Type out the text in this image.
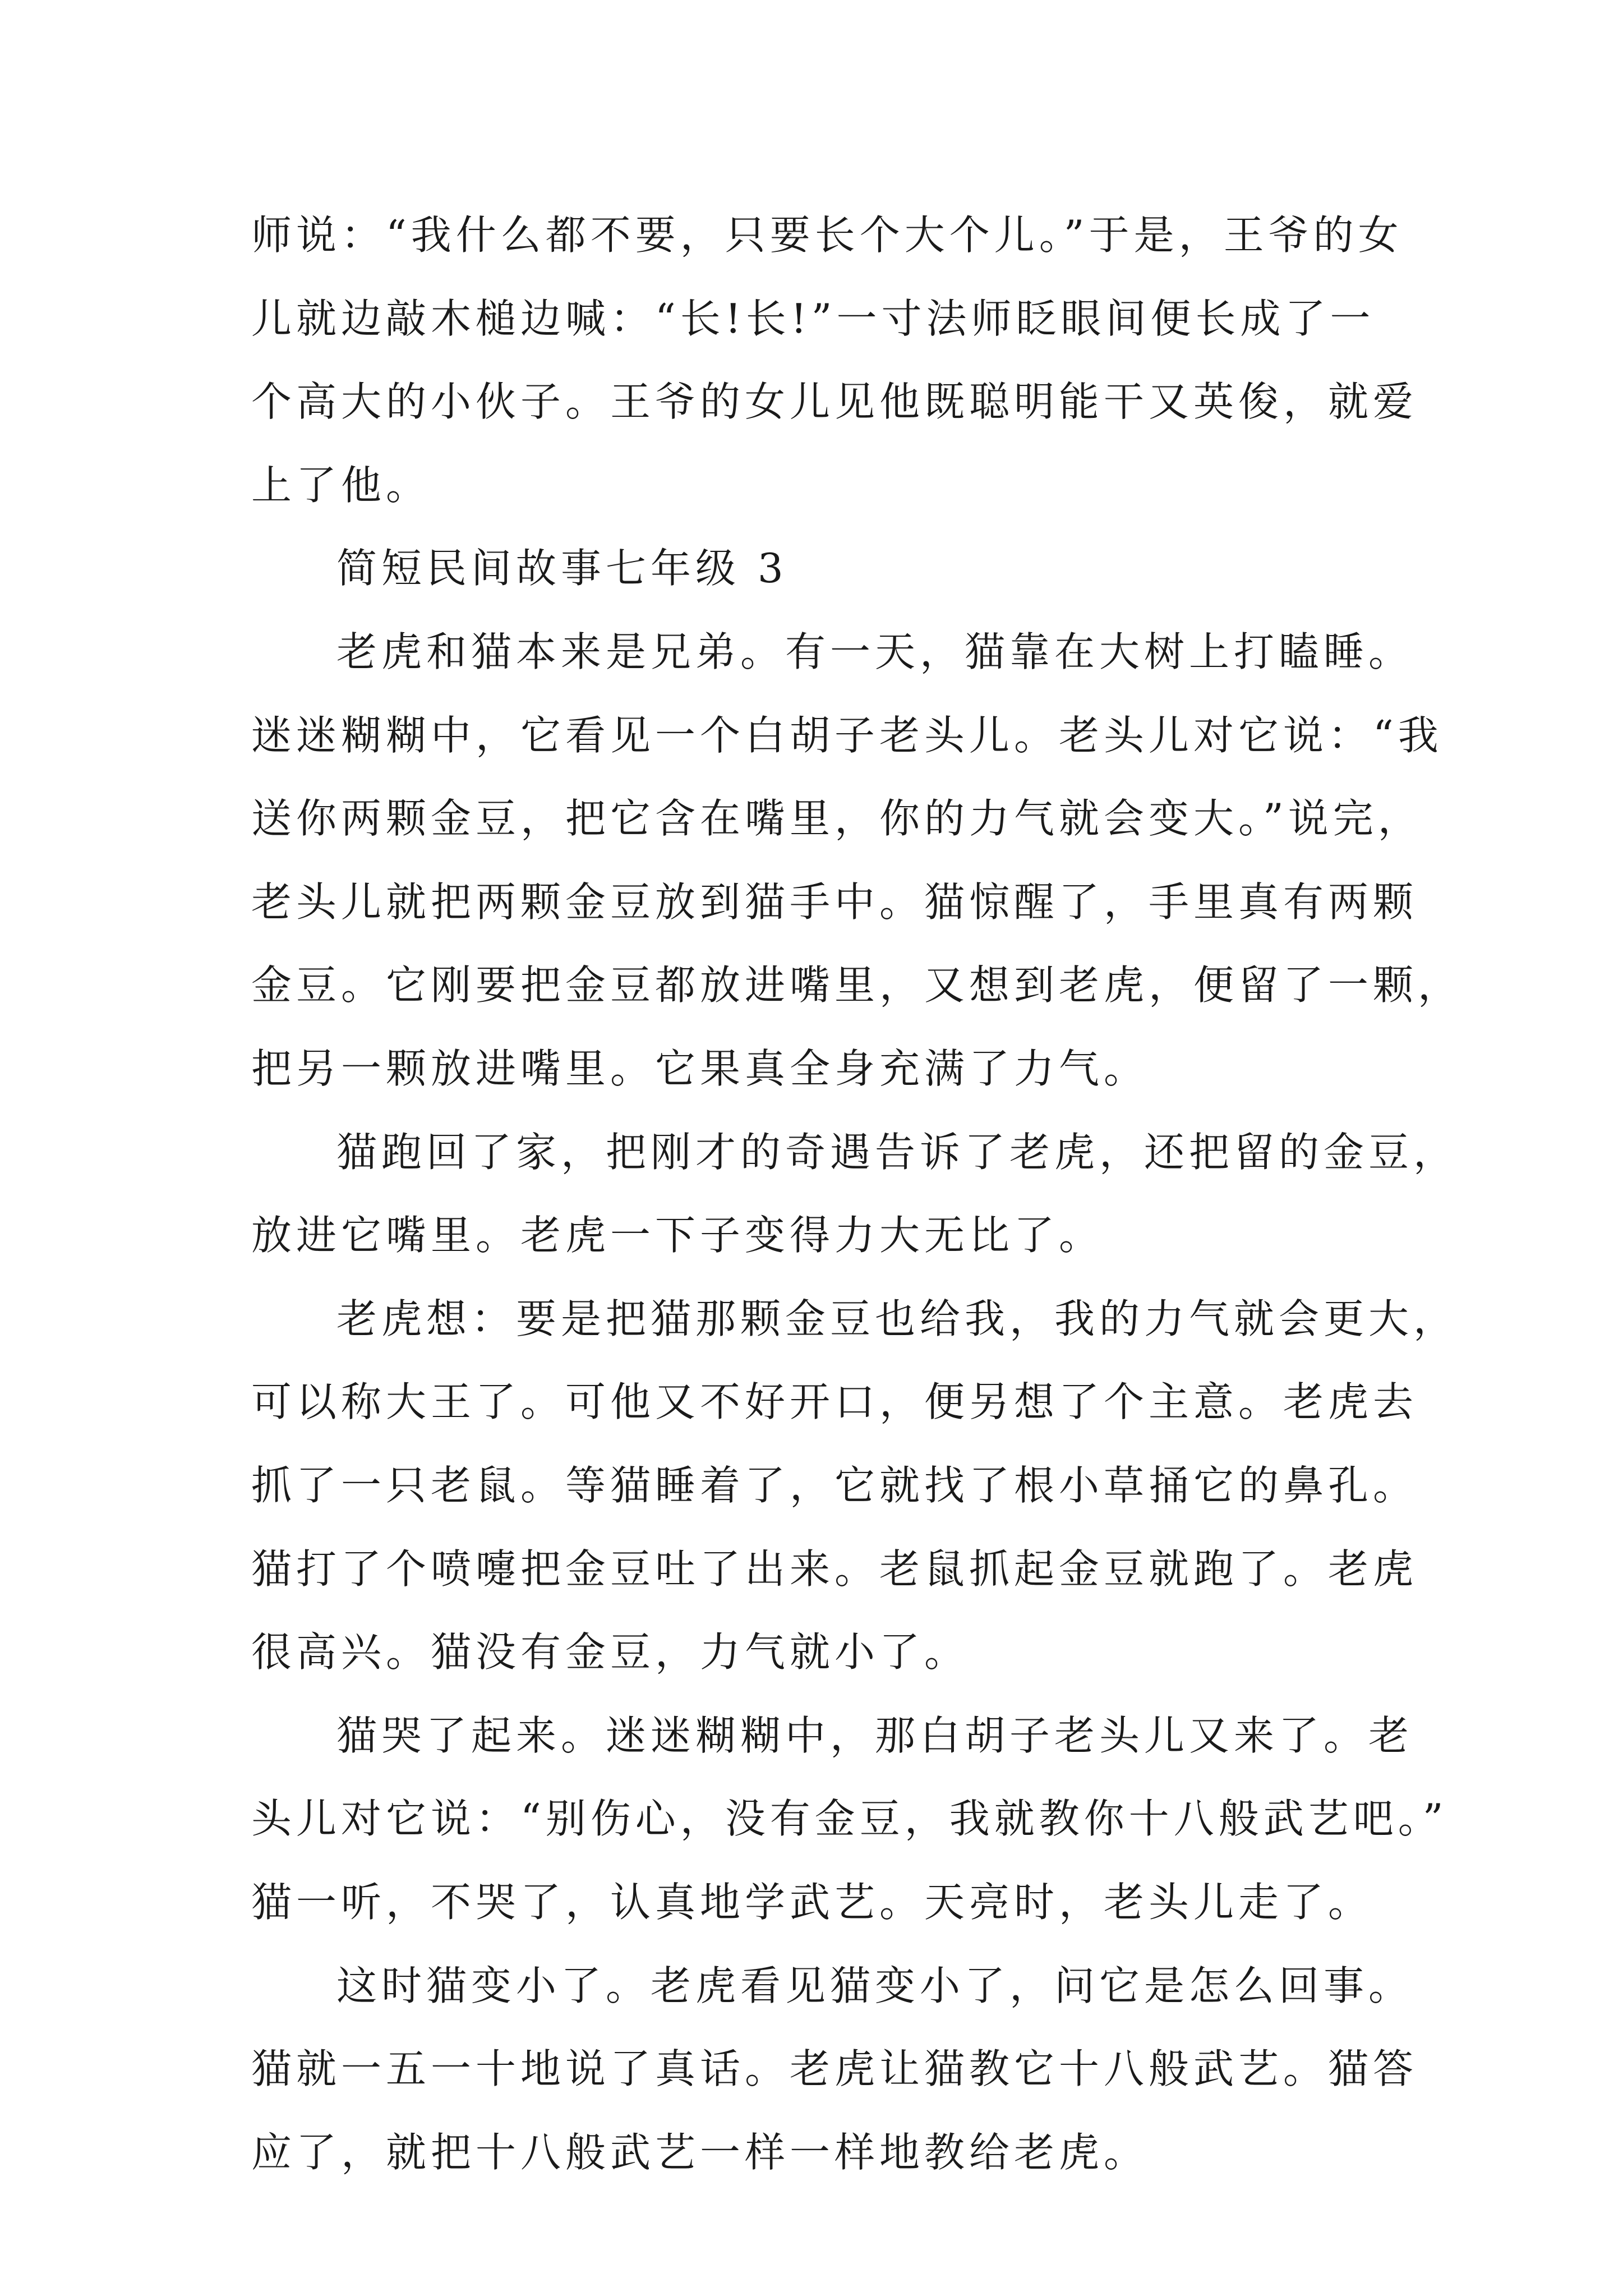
师说：“我什么都不要，只要长个大个儿。”于是，王爷的女

儿就边敲木槌边喊：“长!长!”一寸法师眨眼间便长成了一

个高大的小伙子。王爷的女儿见他既聪明能干又英俊，就爱

上了他。

简短民间故事七年级 3

老虎和猫本来是兄弟。有一天，猫靠在大树上打瞌睡。

迷迷糊糊中，它看见一个白胡子老头儿。老头儿对它说：“我

送你两颗金豆，把它含在嘴里，你的力气就会变大。”说完，

老头儿就把两颗金豆放到猫手中。猫惊醒了，手里真有两颗

金豆。它刚要把金豆都放进嘴里，又想到老虎，便留了一颗，

把另一颗放进嘴里。它果真全身充满了力气。

猫跑回了家，把刚才的奇遇告诉了老虎，还把留的金豆，

放进它嘴里。老虎一下子变得力大无比了。

老虎想：要是把猫那颗金豆也给我，我的力气就会更大，

可以称大王了。可他又不好开口，便另想了个主意。老虎去

抓了一只老鼠。等猫睡着了，它就找了根小草捅它的鼻孔。

猫打了个喷嚏把金豆吐了出来。老鼠抓起金豆就跑了。老虎

很高兴。猫没有金豆，力气就小了。

猫哭了起来。迷迷糊糊中，那白胡子老头儿又来了。老

头儿对它说：“别伤心，没有金豆，我就教你十八般武艺吧。”

猫一听，不哭了，认真地学武艺。天亮时，老头儿走了。

这时猫变小了。老虎看见猫变小了，问它是怎么回事。

猫就一五一十地说了真话。老虎让猫教它十八般武艺。猫答

应了，就把十八般武艺一样一样地教给老虎。
